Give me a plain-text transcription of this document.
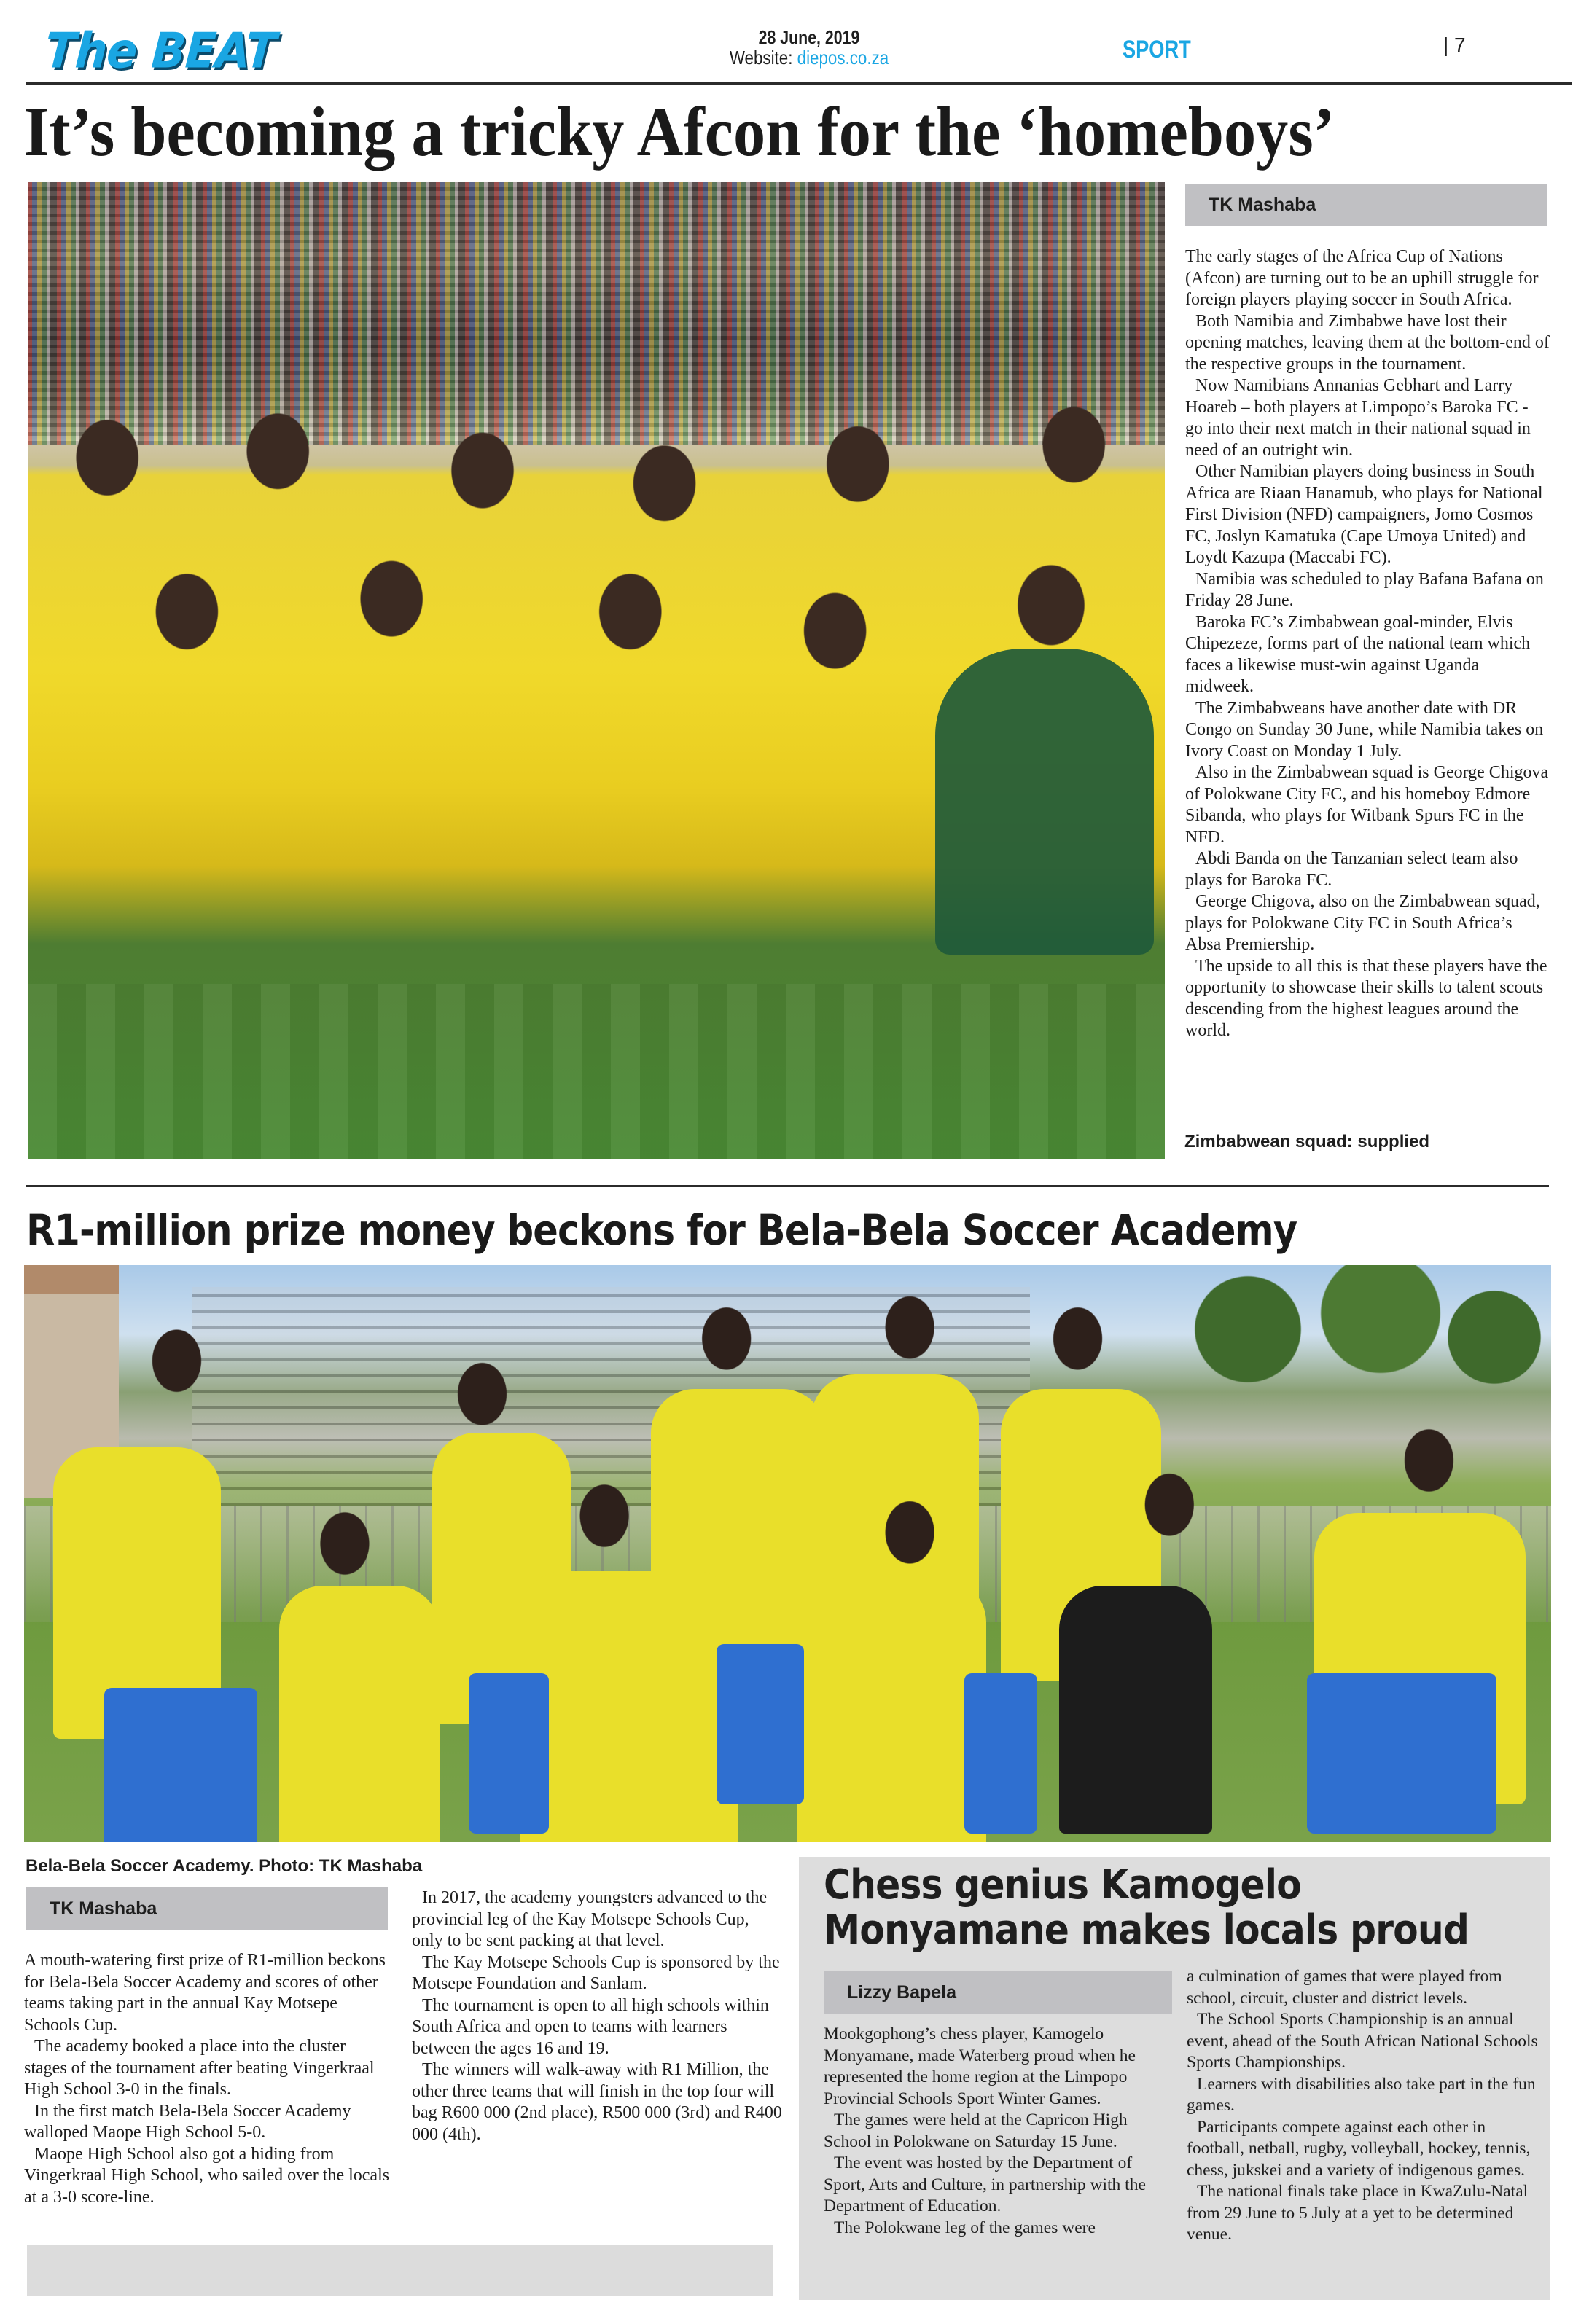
The BEAT	28 June, 2019
Website: diepos.co.za	SPORT	| 7
It’s becoming a tricky Afcon for the ‘homeboys’
TK Mashaba

The early stages of the Africa Cup of Nations (Afcon) are turning out to be an uphill struggle for foreign players playing soccer in South Africa.

Both Namibia and Zimbabwe have lost their opening matches, leaving them at the bottom-end of the respective groups in the tournament.

Now Namibians Annanias Gebhart and Larry Hoareb – both players at Limpopo’s Baroka FC - go into their next match in their national squad in need of an outright win.

Other Namibian players doing business in South Africa are Riaan Hanamub, who plays for National First Division (NFD) campaigners, Jomo Cosmos FC, Joslyn Kamatuka (Cape Umoya United) and Loydt Kazupa (Maccabi FC).

Namibia was scheduled to play Bafana Bafana on Friday 28 June.

Baroka FC’s Zimbabwean goal-minder, Elvis Chipezeze, forms part of the national team which faces a likewise must-win against Uganda midweek.

The Zimbabweans have another date with DR Congo on Sunday 30 June, while Namibia takes on Ivory Coast on Monday 1 July.

Also in the Zimbabwean squad is George Chigova of Polokwane City FC, and his homeboy Edmore Sibanda, who plays for Witbank Spurs FC in the NFD.

Abdi Banda on the Tanzanian select team also plays for Baroka FC.

George Chigova, also on the Zimbabwean squad, plays for Polokwane City FC in South Africa’s Absa Premiership.

The upside to all this is that these players have the opportunity to showcase their skills to talent scouts descending from the highest leagues around the world.

Zimbabwean squad: supplied
R1-million prize money beckons for Bela-Bela Soccer Academy
Bela-Bela Soccer Academy. Photo: TK Mashaba
TK Mashaba

A mouth-watering first prize of R1-million beckons for Bela-Bela Soccer Academy and scores of other teams taking part in the annual Kay Motsepe Schools Cup.

The academy booked a place into the cluster stages of the tournament after beating Vingerkraal High School 3-0 in the finals.

In the first match Bela-Bela Soccer Academy walloped Maope High School 5-0.

Maope High School also got a hiding from Vingerkraal High School, who sailed over the locals at a 3-0 score-line.

In 2017, the academy youngsters advanced to the provincial leg of the Kay Motsepe Schools Cup, only to be sent packing at that level.

The Kay Motsepe Schools Cup is sponsored by the Motsepe Foundation and Sanlam.

The tournament is open to all high schools within South Africa and open to teams with learners between the ages 16 and 19.

The winners will walk-away with R1 Million, the other three teams that will finish in the top four will bag R600 000 (2nd place), R500 000 (3rd) and R400 000 (4th).

Chess genius Kamogelo Monyamane makes locals proud
Lizzy Bapela

Mookgophong’s chess player, Kamogelo Monyamane, made Waterberg proud when he represented the home region at the Limpopo Provincial Schools Sport Winter Games.

The games were held at the Capricon High School in Polokwane on Saturday 15 June.

The event was hosted by the Department of Sport, Arts and Culture, in partnership with the Department of Education.

The Polokwane leg of the games were

a culmination of games that were played from school, circuit, cluster and district levels.

The School Sports Championship is an annual event, ahead of the South African National Schools Sports Championships.

Learners with disabilities also take part in the fun games.

Participants compete against each other in football, netball, rugby, volleyball, hockey, tennis, chess, jukskei and a variety of indigenous games.

The national finals take place in KwaZulu-Natal from 29 June to 5 July at a yet to be determined venue.
